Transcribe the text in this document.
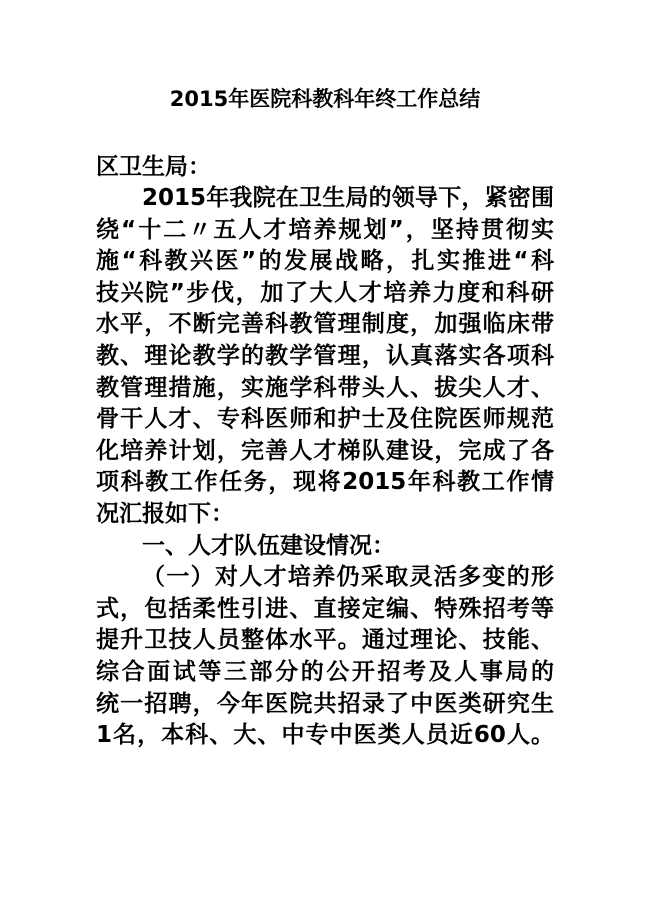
2015年医院科教科年终工作总结
区卫生局：
2015年我院在卫生局的领导下，紧密围
绕“十二〃五人才培养规划”，坚持贯彻实
施“科教兴医”的发展战略，扎实推进“科
技兴院”步伐，加了大人才培养力度和科研
水平，不断完善科教管理制度，加强临床带
教、理论教学的教学管理，认真落实各项科
教管理措施，实施学科带头人、拔尖人才、
骨干人才、专科医师和护士及住院医师规范
化培养计划，完善人才梯队建设，完成了各
项科教工作任务，现将2015年科教工作情
况汇报如下：
一、人才队伍建设情况：
（一）对人才培养仍采取灵活多变的形
式，包括柔性引进、直接定编、特殊招考等
提升卫技人员整体水平。通过理论、技能、
综合面试等三部分的公开招考及人事局的
统一招聘，今年医院共招录了中医类研究生
1名，本科、大、中专中医类人员近60人。
